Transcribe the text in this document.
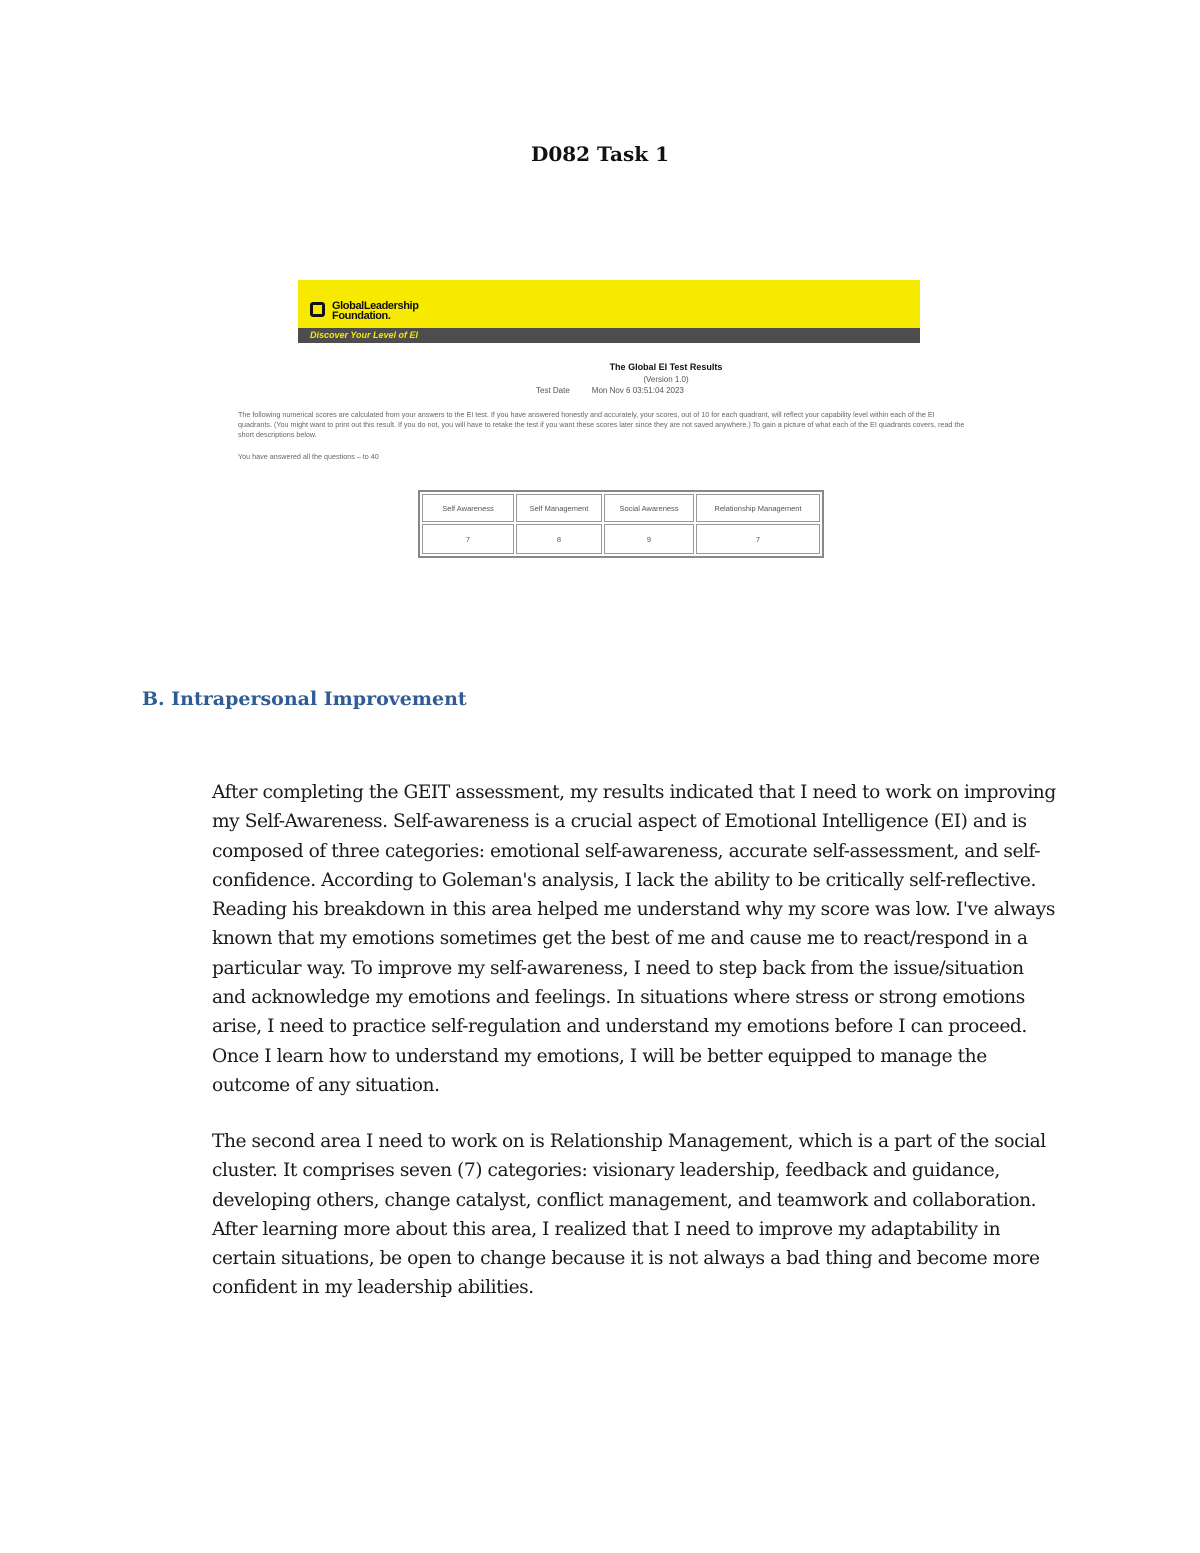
D082 Task 1
GlobalLeadership Foundation.
Discover Your Level of EI
The Global EI Test Results
(Version 1.0)
Test Date	Mon Nov 6 03:51:04 2023
The following numerical scores are calculated from your answers to the EI test. If you have answered honestly and accurately, your scores, out of 10 for each quadrant, will reflect your capability level within each of the EI quadrants. (You might want to print out this result. If you do not, you will have to retake the test if you want these scores later since they are not saved anywhere.) To gain a picture of what each of the EI quadrants covers, read the short descriptions below.
You have answered all the questions – to 40
Self Awareness	Self Management	Social Awareness	Relationship Management
7	8	9	7
B. Intrapersonal Improvement

After completing the GEIT assessment, my results indicated that I need to work on improving my Self-Awareness. Self-awareness is a crucial aspect of Emotional Intelligence (EI) and is composed of three categories: emotional self-awareness, accurate self-assessment, and self-confidence. According to Goleman's analysis, I lack the ability to be critically self-reflective. Reading his breakdown in this area helped me understand why my score was low. I've always known that my emotions sometimes get the best of me and cause me to react/respond in a particular way. To improve my self-awareness, I need to step back from the issue/situation and acknowledge my emotions and feelings. In situations where stress or strong emotions arise, I need to practice self-regulation and understand my emotions before I can proceed. Once I learn how to understand my emotions, I will be better equipped to manage the outcome of any situation.

The second area I need to work on is Relationship Management, which is a part of the social cluster. It comprises seven (7) categories: visionary leadership, feedback and guidance, developing others, change catalyst, conflict management, and teamwork and collaboration. After learning more about this area, I realized that I need to improve my adaptability in certain situations, be open to change because it is not always a bad thing and become more confident in my leadership abilities.
